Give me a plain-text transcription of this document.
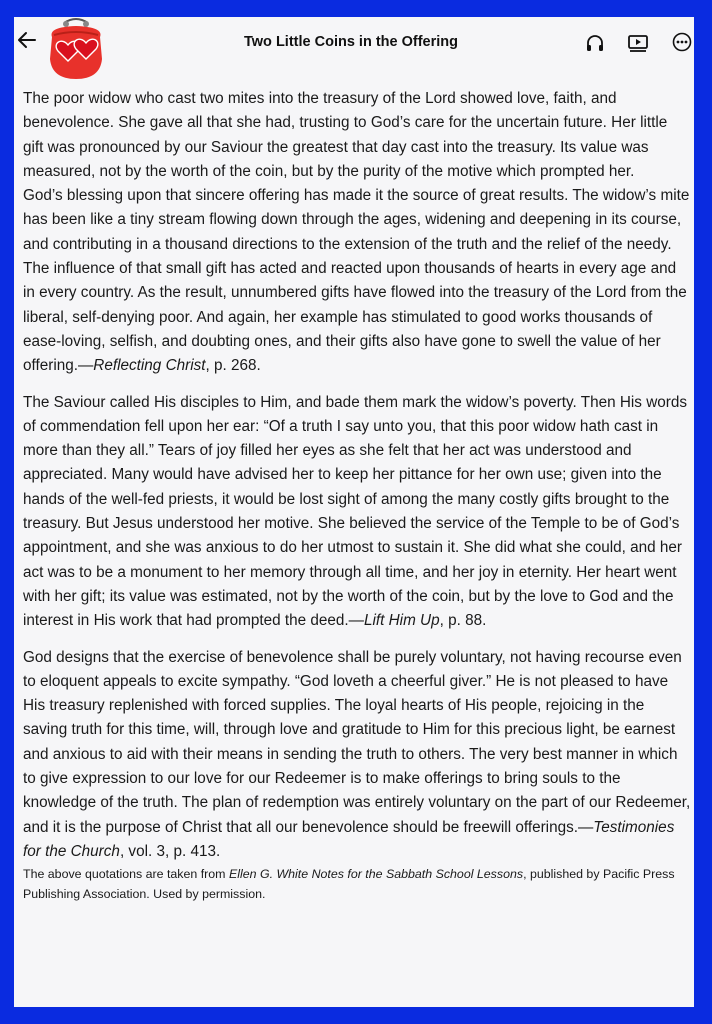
Two Little Coins in the Offering

The poor widow who cast two mites into the treasury of the Lord showed love, faith, and benevolence. She gave all that she had, trusting to God’s care for the uncertain future. Her little gift was pronounced by our Saviour the greatest that day cast into the treasury. Its value was measured, not by the worth of the coin, but by the purity of the motive which prompted her.

God’s blessing upon that sincere offering has made it the source of great results. The widow’s mite has been like a tiny stream flowing down through the ages, widening and deepening in its course, and contributing in a thousand directions to the extension of the truth and the relief of the needy.

The influence of that small gift has acted and reacted upon thousands of hearts in every age and in every country. As the result, unnumbered gifts have flowed into the treasury of the Lord from the liberal, self-denying poor. And again, her example has stimulated to good works thousands of ease-loving, selfish, and doubting ones, and their gifts also have gone to swell the value of her offering.—Reflecting Christ, p. 268.

The Saviour called His disciples to Him, and bade them mark the widow’s poverty. Then His words of commendation fell upon her ear: “Of a truth I say unto you, that this poor widow hath cast in more than they all.” Tears of joy filled her eyes as she felt that her act was understood and appreciated. Many would have advised her to keep her pittance for her own use; given into the hands of the well-fed priests, it would be lost sight of among the many costly gifts brought to the treasury. But Jesus understood her motive. She believed the service of the Temple to be of God’s appointment, and she was anxious to do her utmost to sustain it. She did what she could, and her act was to be a monument to her memory through all time, and her joy in eternity. Her heart went with her gift; its value was estimated, not by the worth of the coin, but by the love to God and the interest in His work that had prompted the deed.—Lift Him Up, p. 88.

God designs that the exercise of benevolence shall be purely voluntary, not having recourse even to eloquent appeals to excite sympathy. “God loveth a cheerful giver.” He is not pleased to have His treasury replenished with forced supplies. The loyal hearts of His people, rejoicing in the saving truth for this time, will, through love and gratitude to Him for this precious light, be earnest and anxious to aid with their means in sending the truth to others. The very best manner in which to give expression to our love for our Redeemer is to make offerings to bring souls to the knowledge of the truth. The plan of redemption was entirely voluntary on the part of our Redeemer, and it is the purpose of Christ that all our benevolence should be freewill offerings.—Testimonies for the Church, vol. 3, p. 413.

The above quotations are taken from Ellen G. White Notes for the Sabbath School Lessons, published by Pacific Press Publishing Association. Used by permission.
